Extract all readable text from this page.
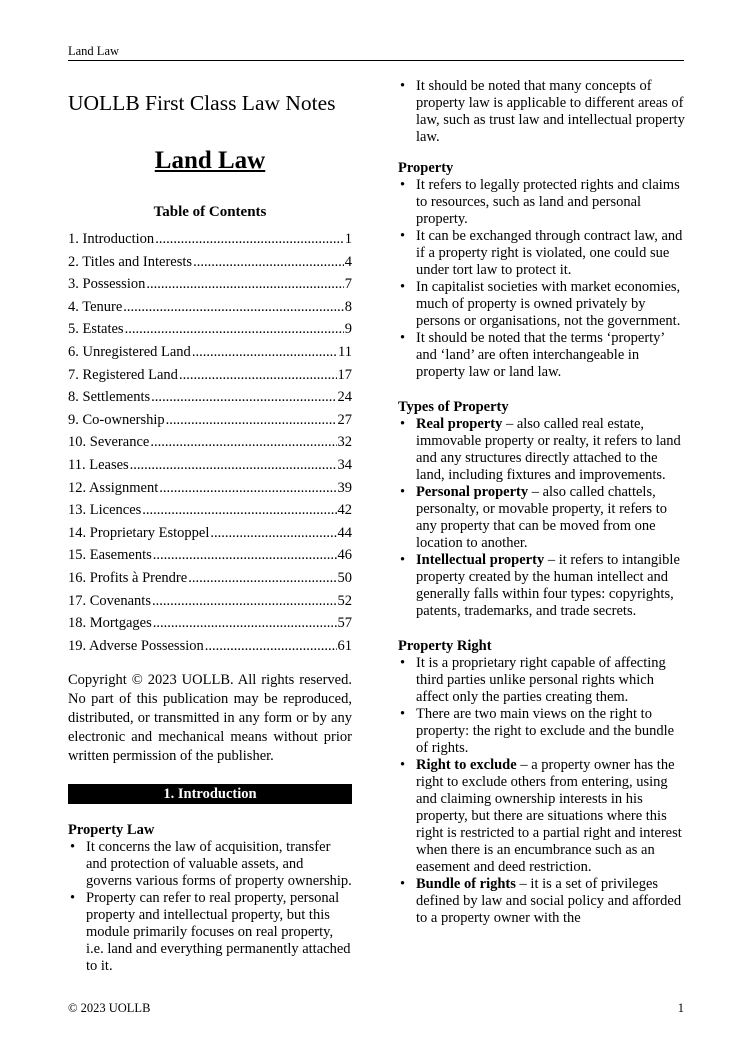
Land Law
UOLLB First Class Law Notes
Land Law
Table of Contents
1. Introduction .....	1
2. Titles and Interests .....	4
3. Possession .....	7
4. Tenure .....	8
5. Estates .....	9
6. Unregistered Land .....	11
7. Registered Land .....	17
8. Settlements .....	24
9. Co-ownership .....	27
10. Severance .....	32
11. Leases .....	34
12. Assignment .....	39
13. Licences .....	42
14. Proprietary Estoppel .....	44
15. Easements .....	46
16. Profits à Prendre .....	50
17. Covenants .....	52
18. Mortgages .....	57
19. Adverse Possession .....	61

Copyright © 2023 UOLLB. All rights reserved. No part of this publication may be reproduced, distributed, or transmitted in any form or by any electronic and mechanical means without prior written permission of the publisher.

1. Introduction
Property Law
• It concerns the law of acquisition, transfer and protection of valuable assets, and governs various forms of property ownership.
• Property can refer to real property, personal property and intellectual property, but this module primarily focuses on real property, i.e. land and everything permanently attached to it.
• It should be noted that many concepts of property law is applicable to different areas of law, such as trust law and intellectual property law.
Property
• It refers to legally protected rights and claims to resources, such as land and personal property.
• It can be exchanged through contract law, and if a property right is violated, one could sue under tort law to protect it.
• In capitalist societies with market economies, much of property is owned privately by persons or organisations, not the government.
• It should be noted that the terms ‘property’ and ‘land’ are often interchangeable in property law or land law.
Types of Property
• Real property – also called real estate, immovable property or realty, it refers to land and any structures directly attached to the land, including fixtures and improvements.
• Personal property – also called chattels, personalty, or movable property, it refers to any property that can be moved from one location to another.
• Intellectual property – it refers to intangible property created by the human intellect and generally falls within four types: copyrights, patents, trademarks, and trade secrets.
Property Right
• It is a proprietary right capable of affecting third parties unlike personal rights which affect only the parties creating them.
• There are two main views on the right to property: the right to exclude and the bundle of rights.
• Right to exclude – a property owner has the right to exclude others from entering, using and claiming ownership interests in his property, but there are situations where this right is restricted to a partial right and interest when there is an encumbrance such as an easement and deed restriction.
• Bundle of rights – it is a set of privileges defined by law and social policy and afforded to a property owner with the
© 2023 UOLLB	1
